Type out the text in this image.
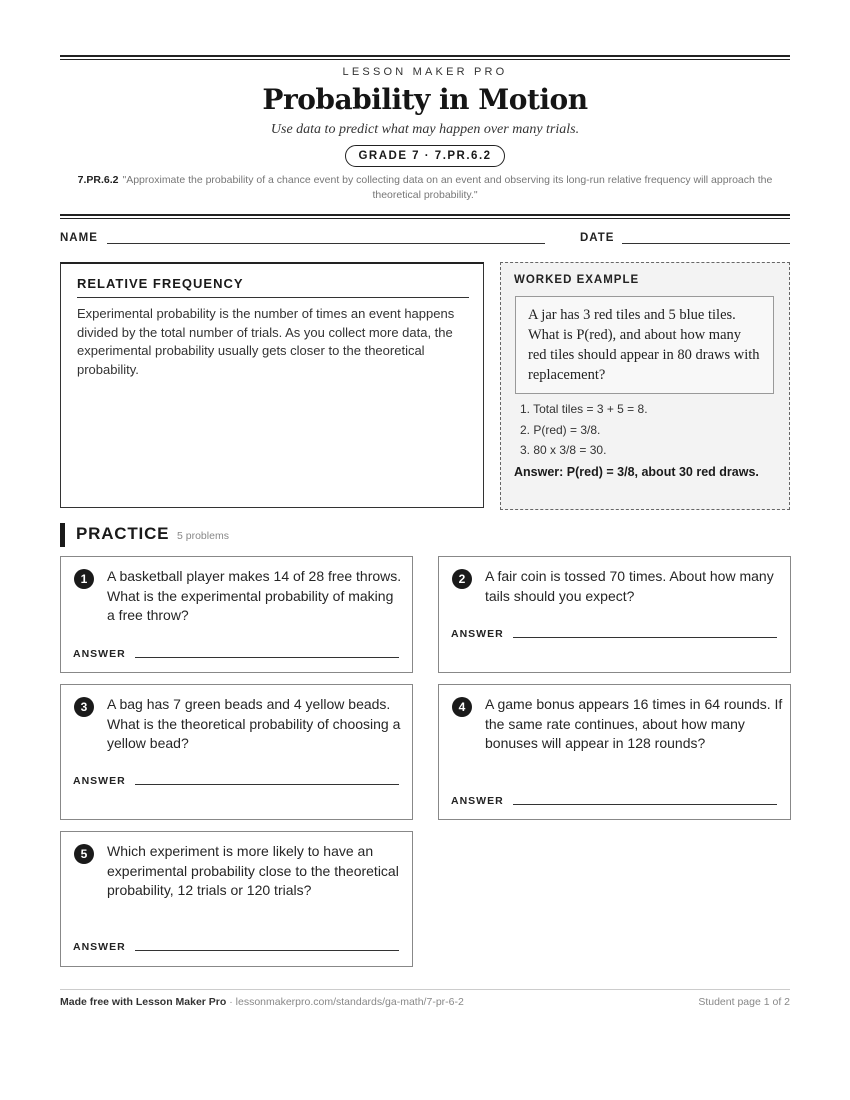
LESSON MAKER PRO
Probability in Motion
Use data to predict what may happen over many trials.
GRADE 7 · 7.PR.6.2
7.PR.6.2 "Approximate the probability of a chance event by collecting data on an event and observing its long-run relative frequency will approach the theoretical probability."
NAME	DATE
RELATIVE FREQUENCY
Experimental probability is the number of times an event happens divided by the total number of trials. As you collect more data, the experimental probability usually gets closer to the theoretical probability.
WORKED EXAMPLE
A jar has 3 red tiles and 5 blue tiles. What is P(red), and about how many red tiles should appear in 80 draws with replacement?
1. Total tiles = 3 + 5 = 8.
2. P(red) = 3/8.
3. 80 x 3/8 = 30.
Answer: P(red) = 3/8, about 30 red draws.
PRACTICE 5 problems
1	A basketball player makes 14 of 28 free throws. What is the experimental probability of making a free throw?
ANSWER
2	A fair coin is tossed 70 times. About how many tails should you expect?
ANSWER
3	A bag has 7 green beads and 4 yellow beads. What is the theoretical probability of choosing a yellow bead?
ANSWER
4	A game bonus appears 16 times in 64 rounds. If the same rate continues, about how many bonuses will appear in 128 rounds?
ANSWER
5	Which experiment is more likely to have an experimental probability close to the theoretical probability, 12 trials or 120 trials?
ANSWER
Made free with Lesson Maker Pro · lessonmakerpro.com/standards/ga-math/7-pr-6-2	Student page 1 of 2
